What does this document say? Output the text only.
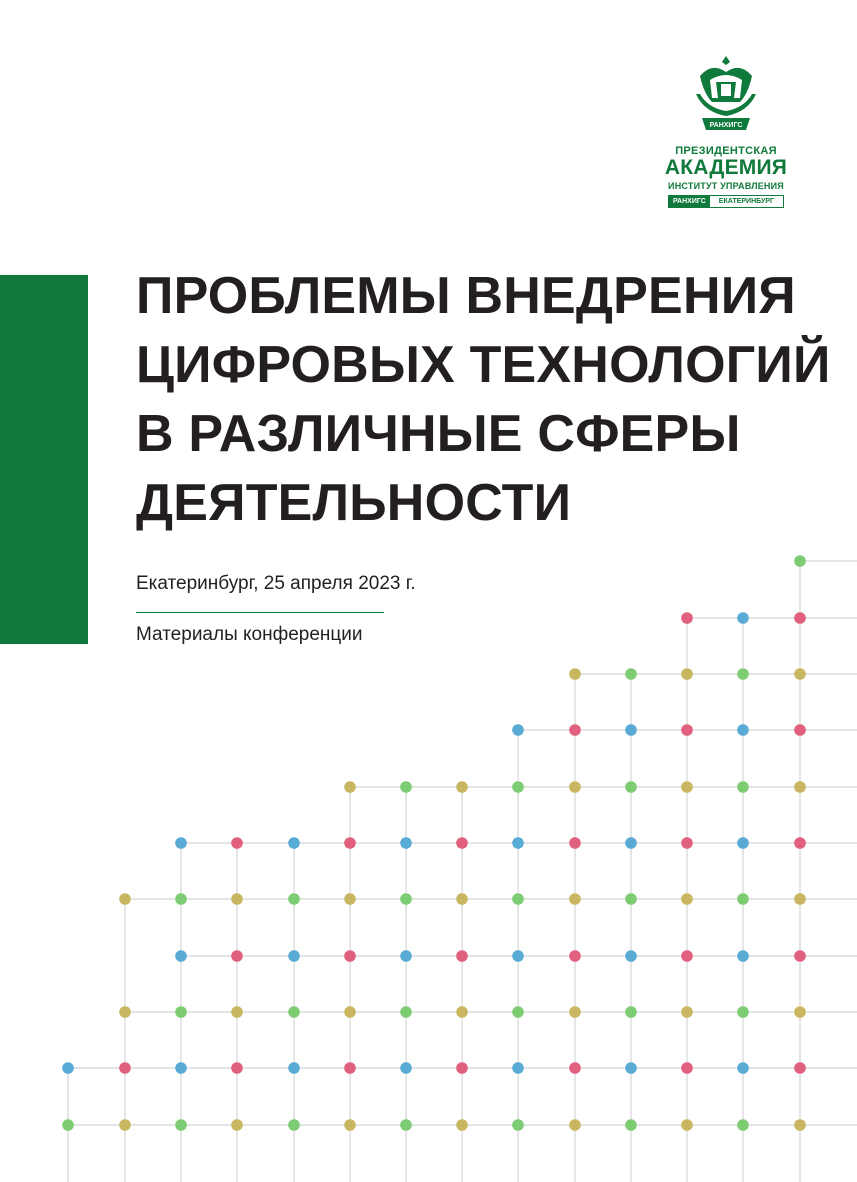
РАНХИГС
ПРЕЗИДЕНТСКАЯ
АКАДЕМИЯ
ИНСТИТУТ УПРАВЛЕНИЯ
РАНХИГС	ЕКАТЕРИНБУРГ
ПРОБЛЕМЫ ВНЕДРЕНИЯ
ЦИФРОВЫХ ТЕХНОЛОГИЙ
В РАЗЛИЧНЫЕ СФЕРЫ
ДЕЯТЕЛЬНОСТИ
Екатеринбург, 25 апреля 2023 г.
Материалы конференции
